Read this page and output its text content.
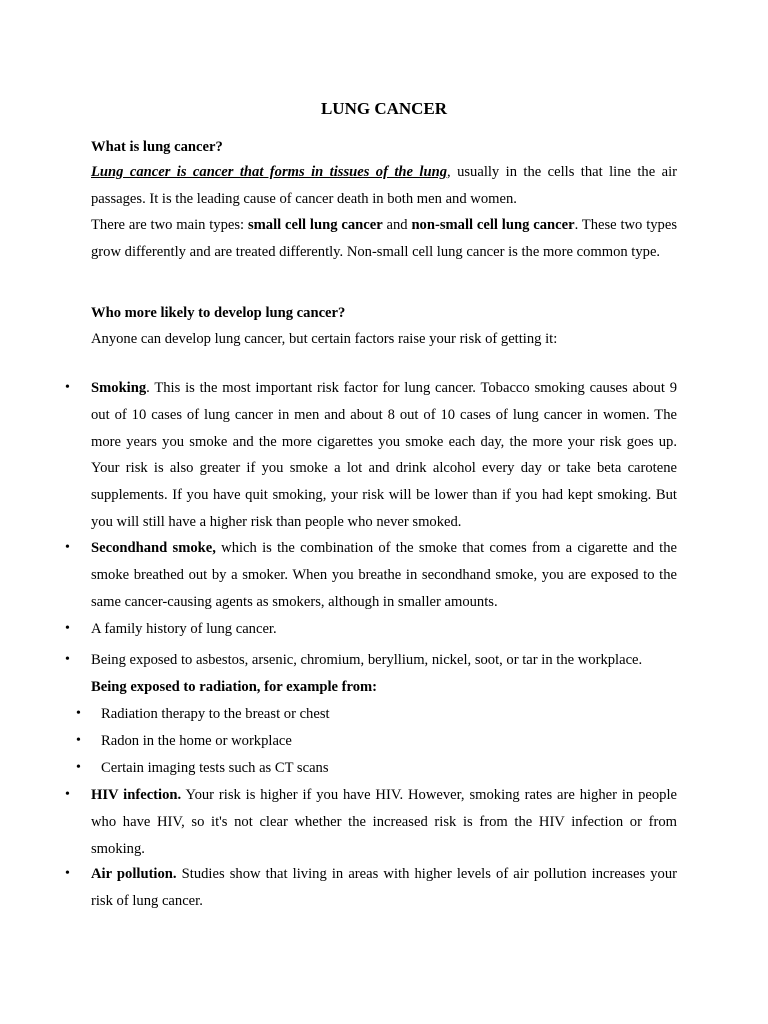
LUNG CANCER
What is lung cancer?
Lung cancer is cancer that forms in tissues of the lung, usually in the cells that line the air passages. It is the leading cause of cancer death in both men and women.
There are two main types: small cell lung cancer and non-small cell lung cancer. These two types grow differently and are treated differently. Non-small cell lung cancer is the more common type.
Who more likely to develop lung cancer?
Anyone can develop lung cancer, but certain factors raise your risk of getting it:
• Smoking. This is the most important risk factor for lung cancer. Tobacco smoking causes about 9 out of 10 cases of lung cancer in men and about 8 out of 10 cases of lung cancer in women. The more years you smoke and the more cigarettes you smoke each day, the more your risk goes up. Your risk is also greater if you smoke a lot and drink alcohol every day or take beta carotene supplements. If you have quit smoking, your risk will be lower than if you had kept smoking. But you will still have a higher risk than people who never smoked.
• Secondhand smoke, which is the combination of the smoke that comes from a cigarette and the smoke breathed out by a smoker. When you breathe in secondhand smoke, you are exposed to the same cancer-causing agents as smokers, although in smaller amounts.
• A family history of lung cancer.
• Being exposed to asbestos, arsenic, chromium, beryllium, nickel, soot, or tar in the workplace.
Being exposed to radiation, for example from:
• Radiation therapy to the breast or chest
• Radon in the home or workplace
• Certain imaging tests such as CT scans
• HIV infection. Your risk is higher if you have HIV. However, smoking rates are higher in people who have HIV, so it's not clear whether the increased risk is from the HIV infection or from smoking.
• Air pollution. Studies show that living in areas with higher levels of air pollution increases your risk of lung cancer.
